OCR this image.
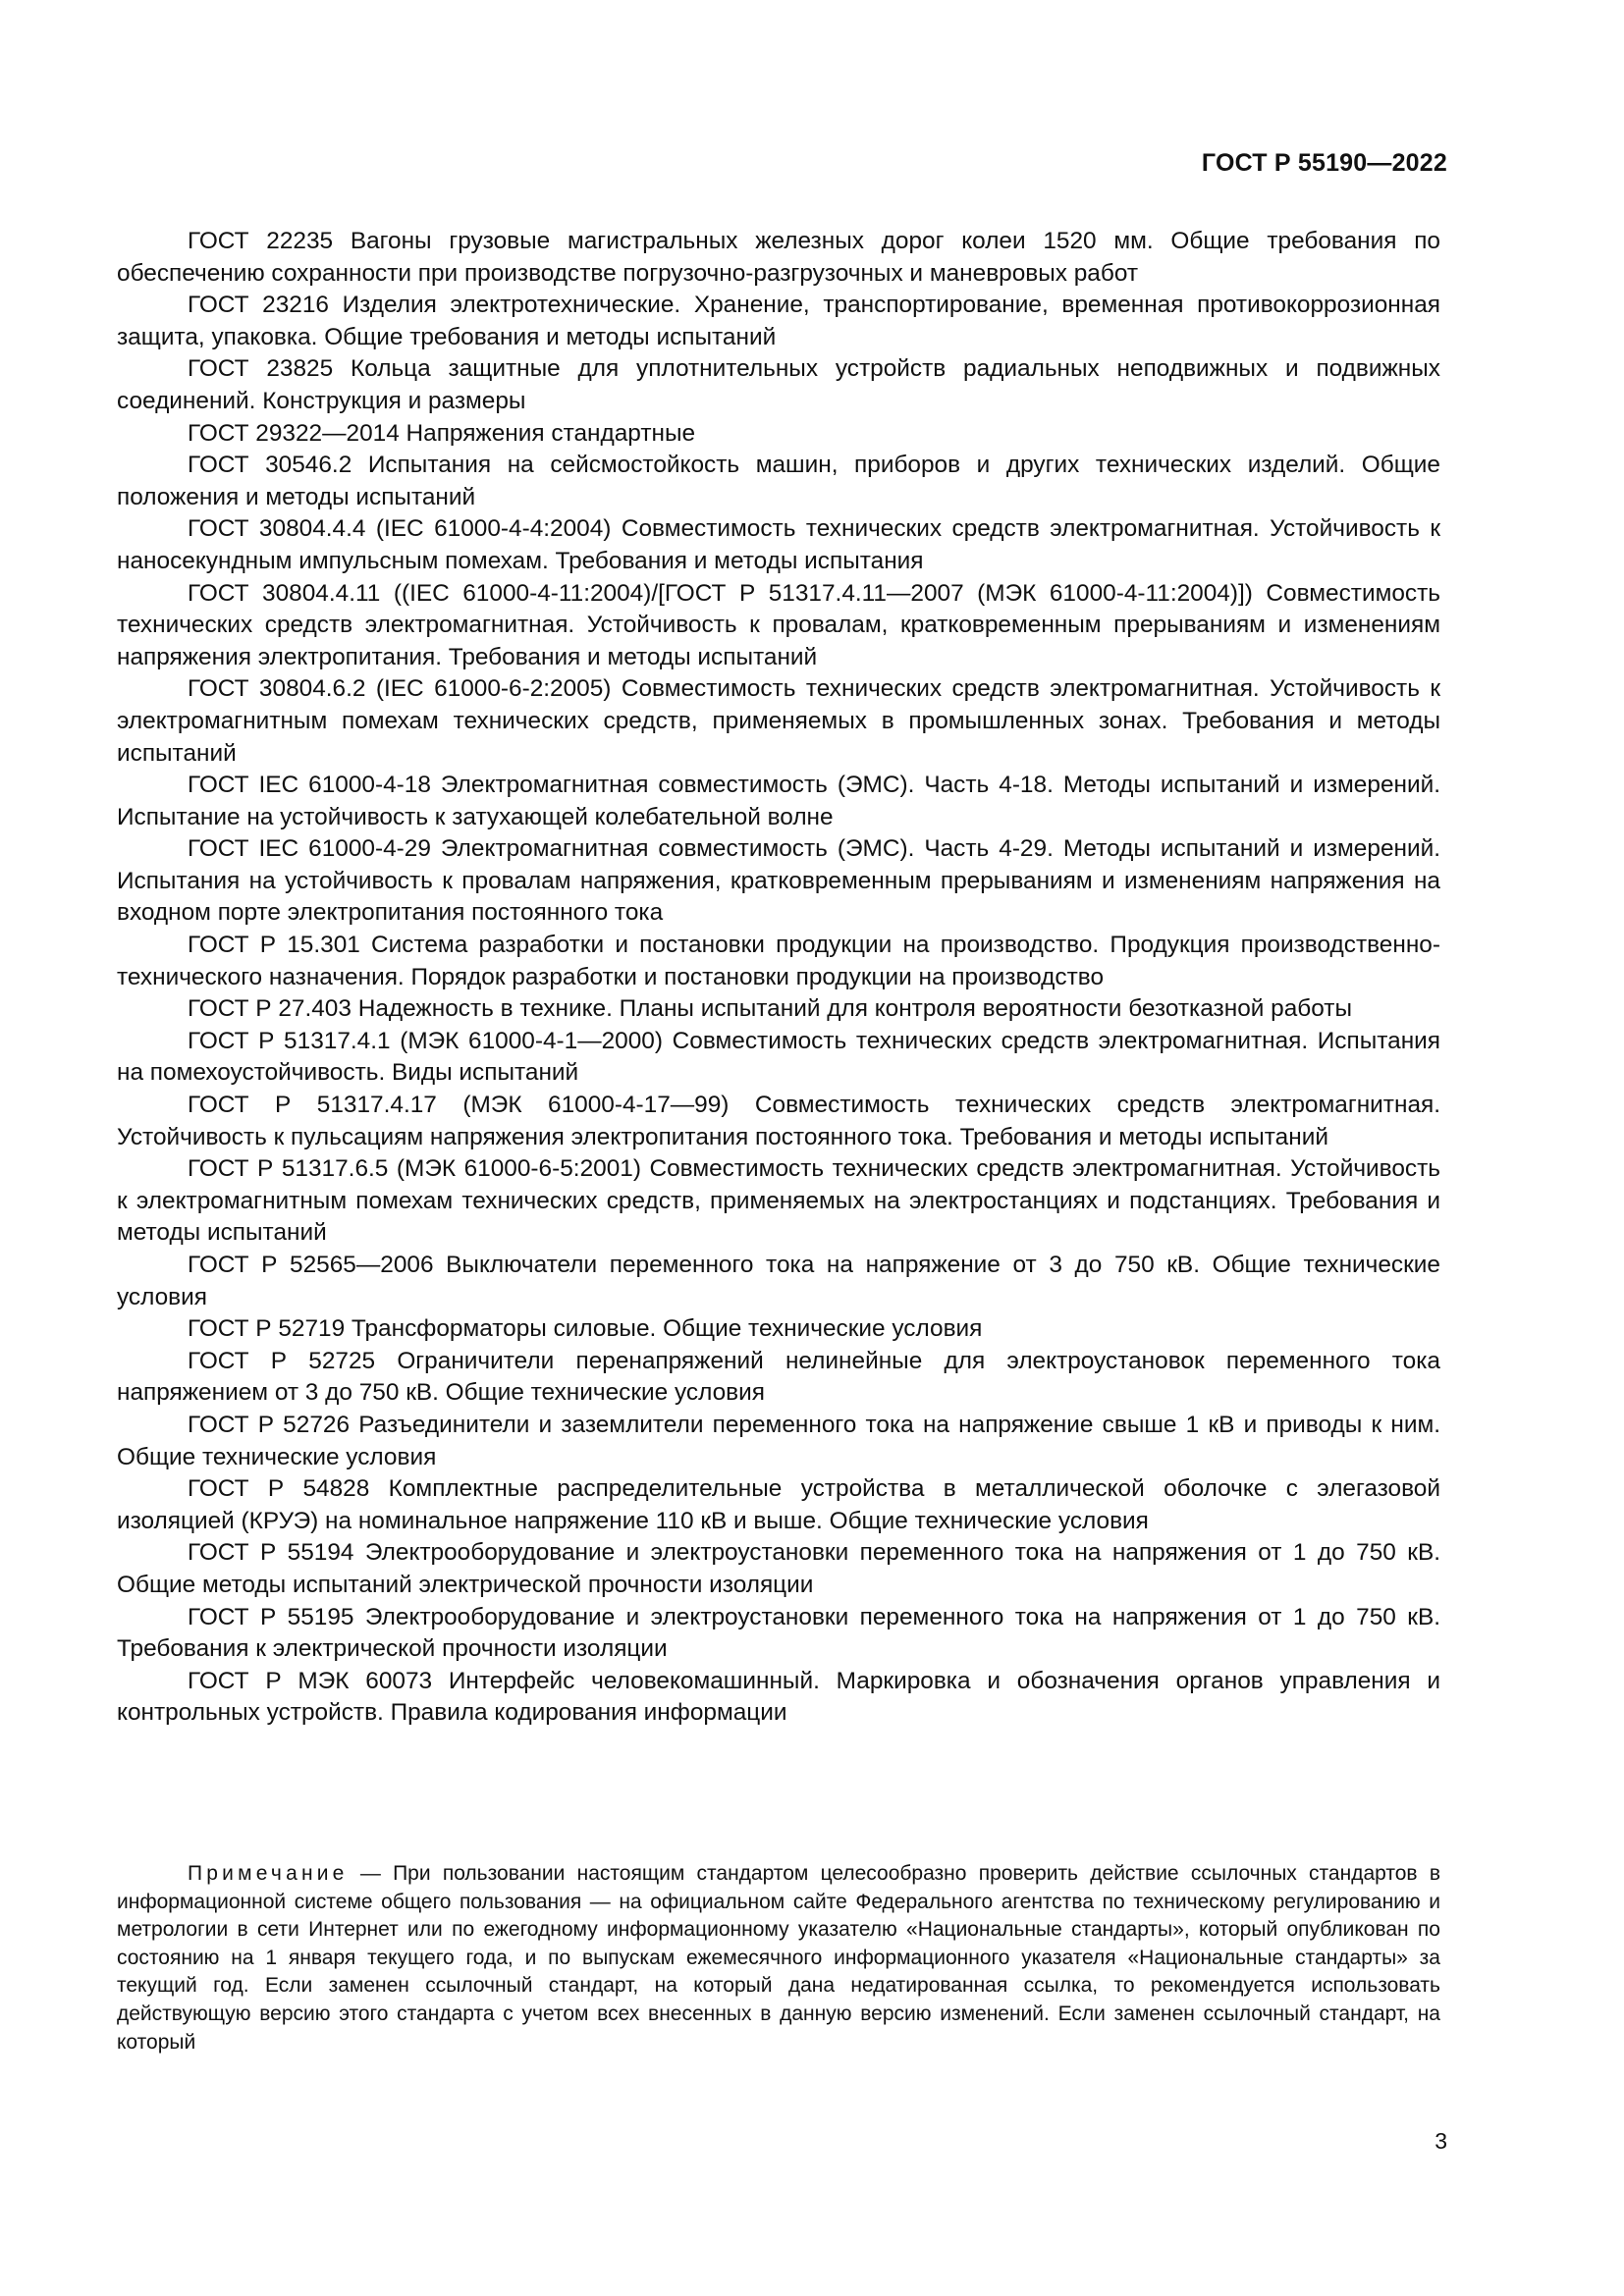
ГОСТ Р 55190—2022

ГОСТ 22235 Вагоны грузовые магистральных железных дорог колеи 1520 мм. Общие требования по обеспечению сохранности при производстве погрузочно-разгрузочных и маневровых работ

ГОСТ 23216 Изделия электротехнические. Хранение, транспортирование, временная противокоррозионная защита, упаковка. Общие требования и методы испытаний

ГОСТ 23825 Кольца защитные для уплотнительных устройств радиальных неподвижных и подвижных соединений. Конструкция и размеры

ГОСТ 29322—2014 Напряжения стандартные

ГОСТ 30546.2 Испытания на сейсмостойкость машин, приборов и других технических изделий. Общие положения и методы испытаний

ГОСТ 30804.4.4 (IEC 61000-4-4:2004) Совместимость технических средств электромагнитная. Устойчивость к наносекундным импульсным помехам. Требования и методы испытания

ГОСТ 30804.4.11 ((IEC 61000-4-11:2004)/[ГОСТ Р 51317.4.11—2007 (МЭК 61000-4-11:2004)]) Совместимость технических средств электромагнитная. Устойчивость к провалам, кратковременным прерываниям и изменениям напряжения электропитания. Требования и методы испытаний

ГОСТ 30804.6.2 (IEC 61000-6-2:2005) Совместимость технических средств электромагнитная. Устойчивость к электромагнитным помехам технических средств, применяемых в промышленных зонах. Требования и методы испытаний

ГОСТ IEC 61000-4-18 Электромагнитная совместимость (ЭМС). Часть 4-18. Методы испытаний и измерений. Испытание на устойчивость к затухающей колебательной волне

ГОСТ IEC 61000-4-29 Электромагнитная совместимость (ЭМС). Часть 4-29. Методы испытаний и измерений. Испытания на устойчивость к провалам напряжения, кратковременным прерываниям и изменениям напряжения на входном порте электропитания постоянного тока

ГОСТ Р 15.301 Система разработки и постановки продукции на производство. Продукция производственно-технического назначения. Порядок разработки и постановки продукции на производство

ГОСТ Р 27.403 Надежность в технике. Планы испытаний для контроля вероятности безотказной работы

ГОСТ Р 51317.4.1 (МЭК 61000-4-1—2000) Совместимость технических средств электромагнитная. Испытания на помехоустойчивость. Виды испытаний

ГОСТ Р 51317.4.17 (МЭК 61000-4-17—99) Совместимость технических средств электромагнитная. Устойчивость к пульсациям напряжения электропитания постоянного тока. Требования и методы испытаний

ГОСТ Р 51317.6.5 (МЭК 61000-6-5:2001) Совместимость технических средств электромагнитная. Устойчивость к электромагнитным помехам технических средств, применяемых на электростанциях и подстанциях. Требования и методы испытаний

ГОСТ Р 52565—2006 Выключатели переменного тока на напряжение от 3 до 750 кВ. Общие технические условия

ГОСТ Р 52719 Трансформаторы силовые. Общие технические условия

ГОСТ Р 52725 Ограничители перенапряжений нелинейные для электроустановок переменного тока напряжением от 3 до 750 кВ. Общие технические условия

ГОСТ Р 52726 Разъединители и заземлители переменного тока на напряжение свыше 1 кВ и приводы к ним. Общие технические условия

ГОСТ Р 54828 Комплектные распределительные устройства в металлической оболочке с элегазовой изоляцией (КРУЭ) на номинальное напряжение 110 кВ и выше. Общие технические условия

ГОСТ Р 55194 Электрооборудование и электроустановки переменного тока на напряжения от 1 до 750 кВ. Общие методы испытаний электрической прочности изоляции

ГОСТ Р 55195 Электрооборудование и электроустановки переменного тока на напряжения от 1 до 750 кВ. Требования к электрической прочности изоляции

ГОСТ Р МЭК 60073 Интерфейс человекомашинный. Маркировка и обозначения органов управления и контрольных устройств. Правила кодирования информации

Примечание — При пользовании настоящим стандартом целесообразно проверить действие ссылочных стандартов в информационной системе общего пользования — на официальном сайте Федерального агентства по техническому регулированию и метрологии в сети Интернет или по ежегодному информационному указателю «Национальные стандарты», который опубликован по состоянию на 1 января текущего года, и по выпускам ежемесячного информационного указателя «Национальные стандарты» за текущий год. Если заменен ссылочный стандарт, на который дана недатированная ссылка, то рекомендуется использовать действующую версию этого стандарта с учетом всех внесенных в данную версию изменений. Если заменен ссылочный стандарт, на который

3
